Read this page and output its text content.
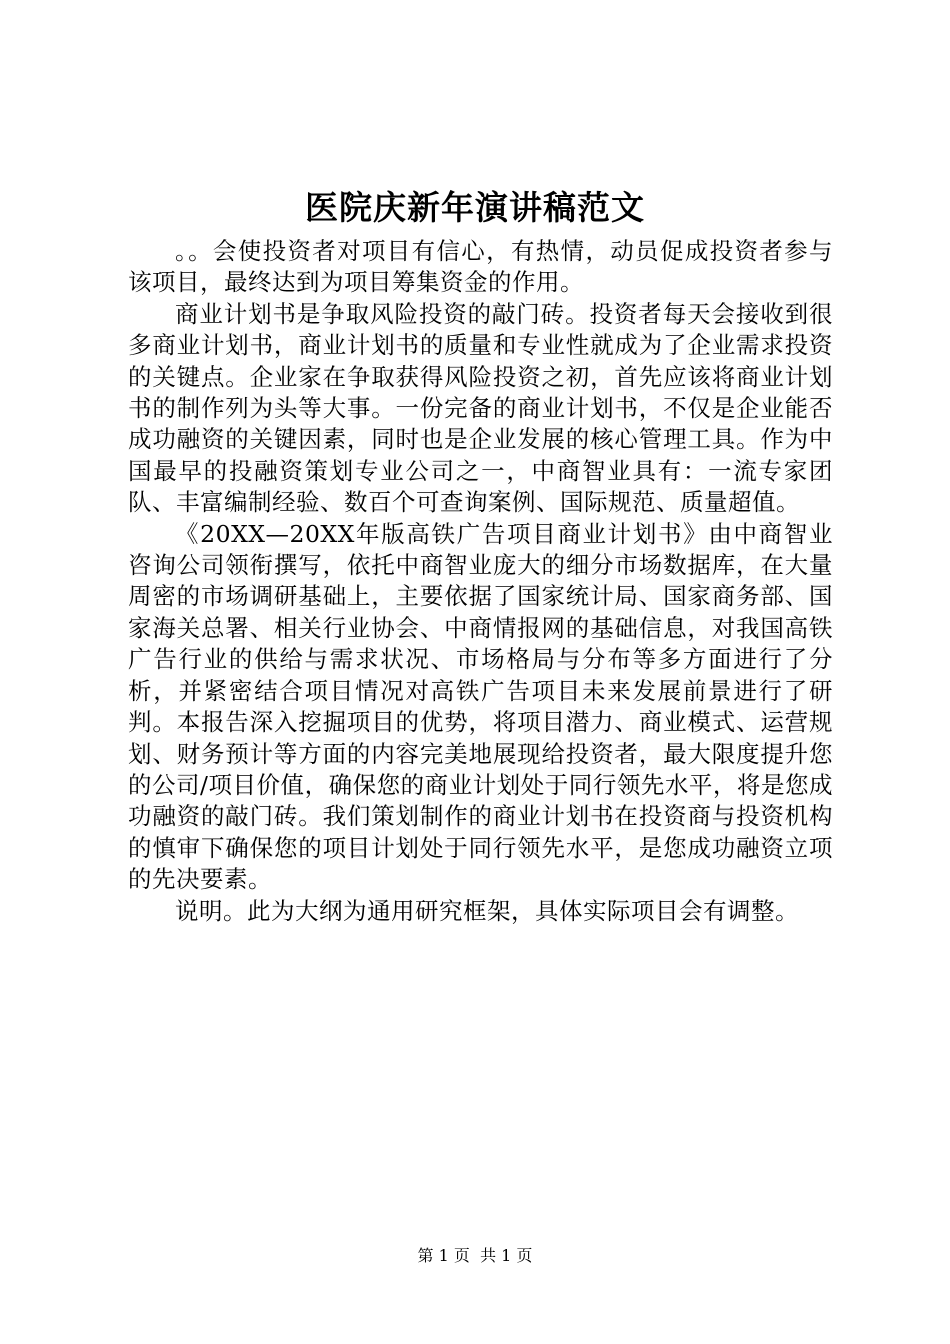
医院庆新年演讲稿范文

。。会使投资者对项目有信心，有热情，动员促成投资者参与该项目，最终达到为项目筹集资金的作用。

商业计划书是争取风险投资的敲门砖。投资者每天会接收到很多商业计划书，商业计划书的质量和专业性就成为了企业需求投资的关键点。企业家在争取获得风险投资之初，首先应该将商业计划书的制作列为头等大事。一份完备的商业计划书，不仅是企业能否成功融资的关键因素，同时也是企业发展的核心管理工具。作为中国最早的投融资策划专业公司之一，中商智业具有：一流专家团队、丰富编制经验、数百个可查询案例、国际规范、质量超值。

《20XX—20XX年版高铁广告项目商业计划书》由中商智业咨询公司领衔撰写，依托中商智业庞大的细分市场数据库，在大量周密的市场调研基础上，主要依据了国家统计局、国家商务部、国家海关总署、相关行业协会、中商情报网的基础信息，对我国高铁广告行业的供给与需求状况、市场格局与分布等多方面进行了分析，并紧密结合项目情况对高铁广告项目未来发展前景进行了研判。本报告深入挖掘项目的优势，将项目潜力、商业模式、运营规划、财务预计等方面的内容完美地展现给投资者，最大限度提升您的公司/项目价值，确保您的商业计划处于同行领先水平，将是您成功融资的敲门砖。我们策划制作的商业计划书在投资商与投资机构的慎审下确保您的项目计划处于同行领先水平，是您成功融资立项的先决要素。

说明。此为大纲为通用研究框架，具体实际项目会有调整。

第 1 页  共 1 页
